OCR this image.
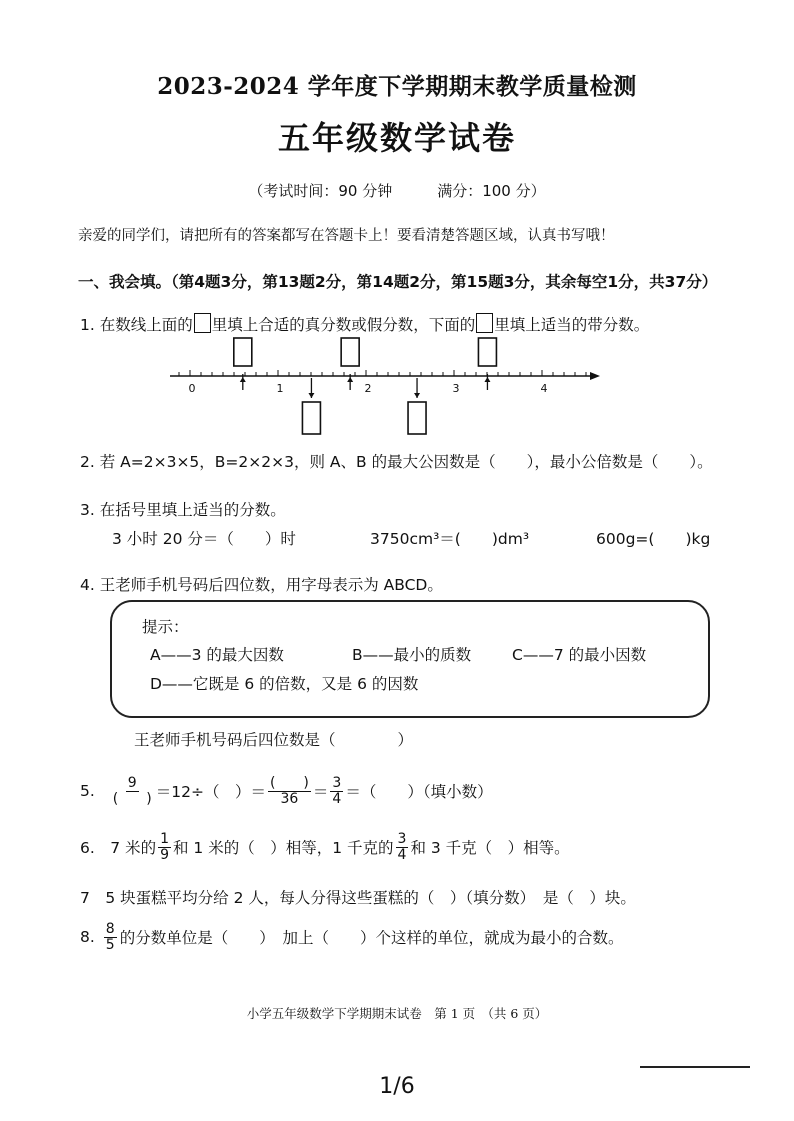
2023-2024 学年度下学期期末教学质量检测
五年级数学试卷
（考试时间：90 分钟　　　满分：100 分）
亲爱的同学们，请把所有的答案都写在答题卡上！要看清楚答题区域，认真书写哦！
一、我会填。（第4题3分，第13题2分，第14题2分，第15题3分，其余每空1分，共37分）
1. 在数线上面的 里填上合适的真分数或假分数，下面的 里填上适当的带分数。
0	1	2	3	4
2. 若 A=2×3×5，B=2×2×3，则 A、B 的最大公因数是（　　），最小公倍数是（　　）。
3. 在括号里填上适当的分数。
3 小时 20 分＝（　　）时	3750cm³＝(　　)dm³	600g=(　　)kg
4. 王老师手机号码后四位数，用字母表示为 ABCD。
提示：
A——3 的最大因数	B——最小的质数	C——7 的最小因数
D——它既是 6 的倍数，又是 6 的因数
王老师手机号码后四位数是（　　　　）
5. $\frac{9}{( )} =12\div$（　）＝ $\frac{( )}{36} = \frac{3}{4}$ ＝（　　）（填小数）
6.　7 米的 $\frac{1}{9}$ 和 1 米的（　）相等，1 千克的 $\frac{3}{4}$ 和 3 千克（　）相等。
7　5 块蛋糕平均分给 2 人，每人分得这些蛋糕的（　）（填分数）　是（　）块。
8. $\frac{8}{5}$ 的分数单位是（　　）　加上（　　）个这样的单位，就成为最小的合数。
小学五年级数学下学期期末试卷　第 1 页　（共 6 页）
1/6
